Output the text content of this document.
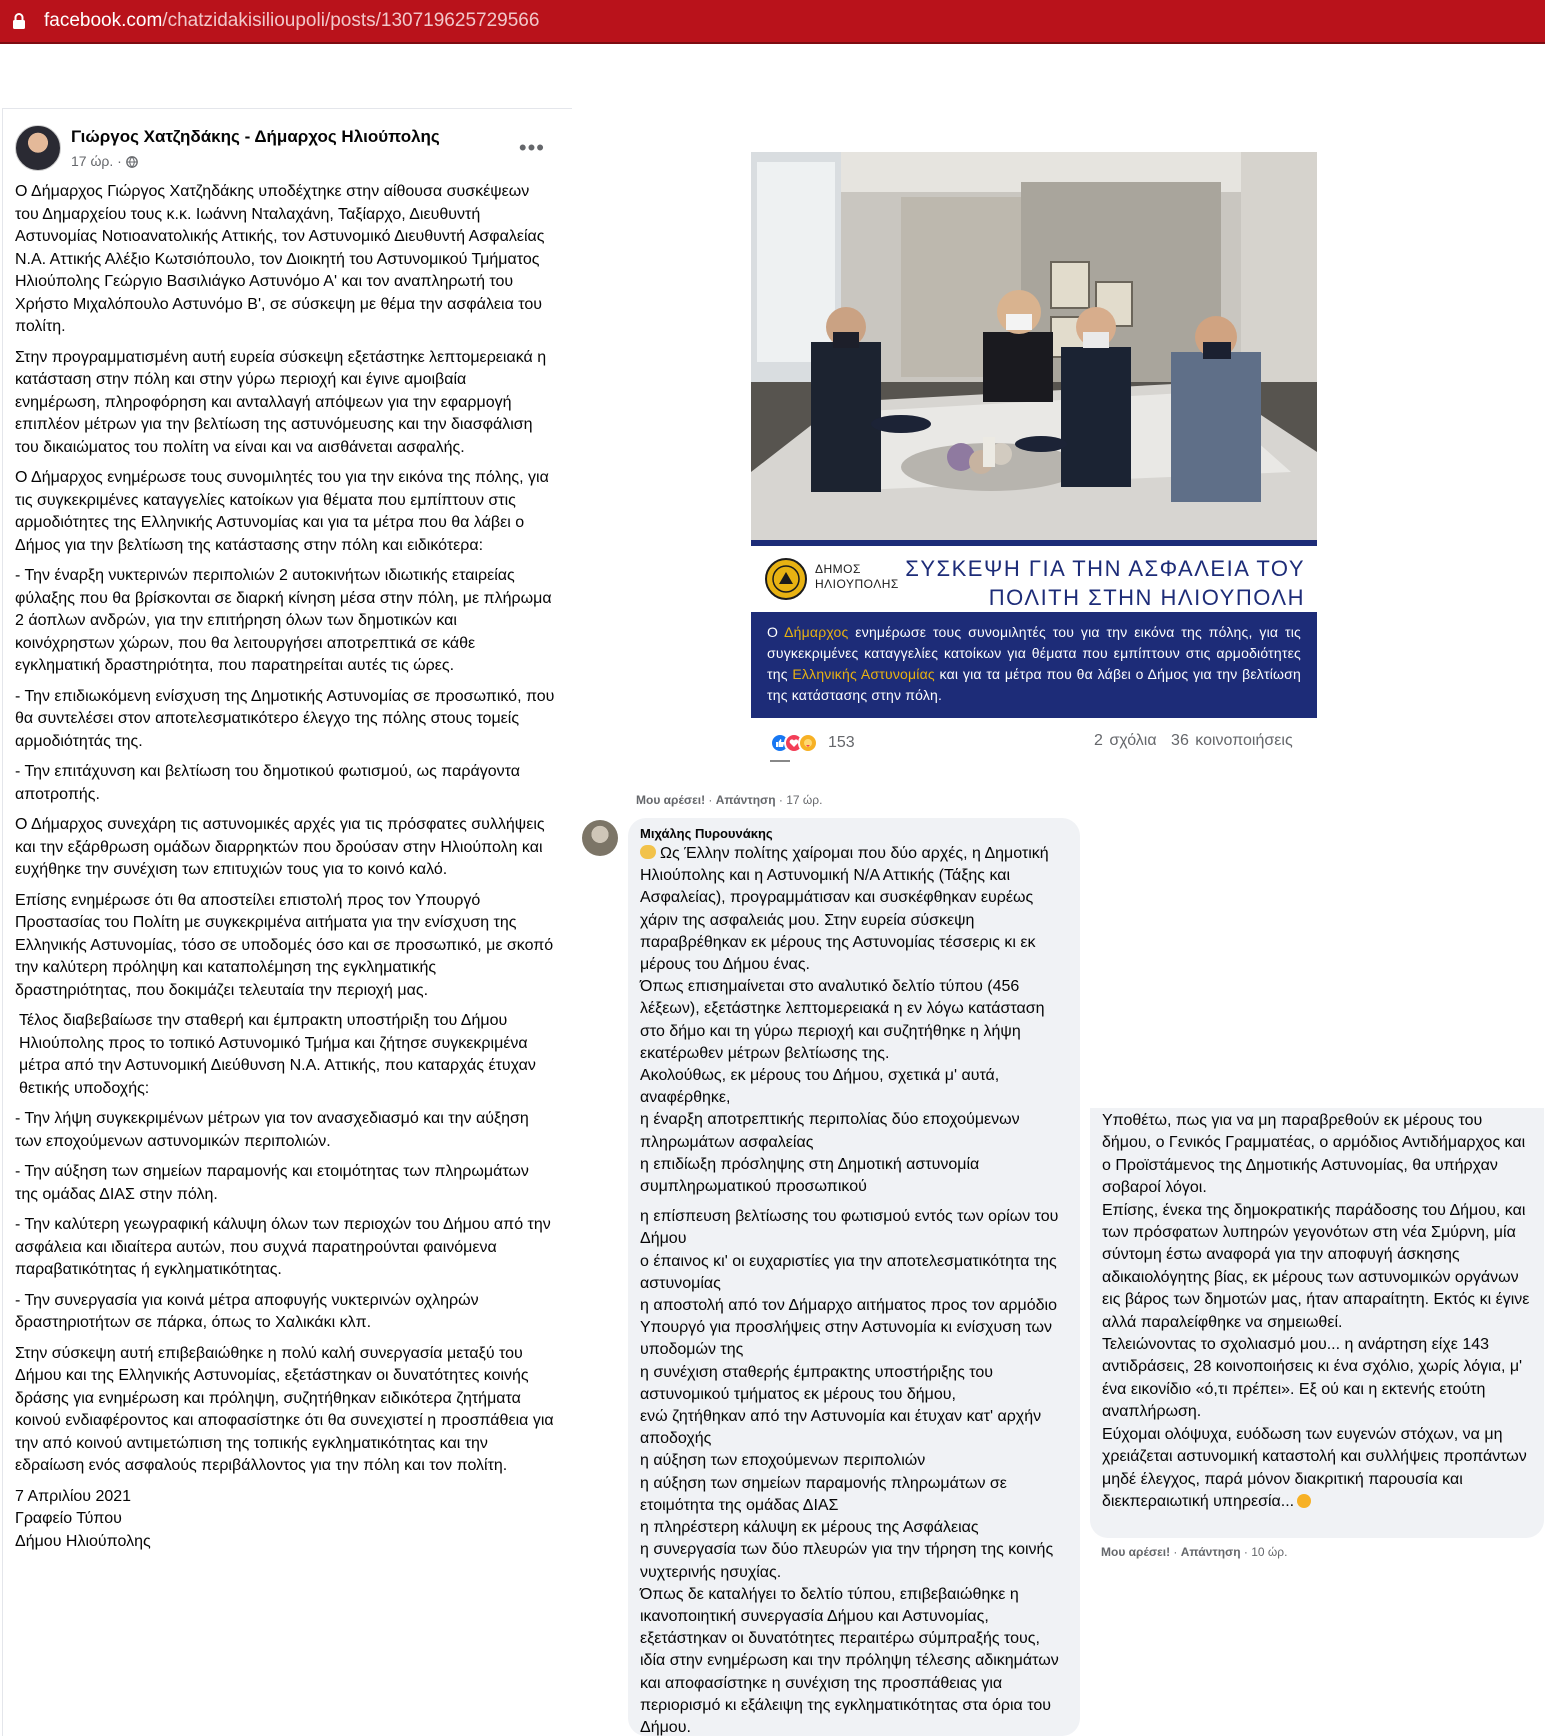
facebook.com/chatzidakisilioupoli/posts/130719625729566
Γιώργος Χατζηδάκης - Δήμαρχος Ηλιούπολης
17 ώρ. ·
•••

Ο Δήμαρχος Γιώργος Χατζηδάκης υποδέχτηκε στην αίθουσα συσκέψεων του Δημαρχείου τους κ.κ. Ιωάννη Νταλαχάνη, Ταξίαρχο, Διευθυντή Αστυνομίας Νοτιοανατολικής Αττικής, τον Αστυνομικό Διευθυντή Ασφαλείας Ν.Α. Αττικής Αλέξιο Κωτσιόπουλο, τον Διοικητή του Αστυνομικού Τμήματος Ηλιούπολης Γεώργιο Βασιλιάγκο Αστυνόμο Α' και τον αναπληρωτή του Χρήστο Μιχαλόπουλο Αστυνόμο Β', σε σύσκεψη με θέμα την ασφάλεια του πολίτη.

Στην προγραμματισμένη αυτή ευρεία σύσκεψη εξετάστηκε λεπτομερειακά η κατάσταση στην πόλη και στην γύρω περιοχή και έγινε αμοιβαία ενημέρωση, πληροφόρηση και ανταλλαγή απόψεων για την εφαρμογή επιπλέον μέτρων για την βελτίωση της αστυνόμευσης και την διασφάλιση του δικαιώματος του πολίτη να είναι και να αισθάνεται ασφαλής.

Ο Δήμαρχος ενημέρωσε τους συνομιλητές του για την εικόνα της πόλης, για τις συγκεκριμένες καταγγελίες κατοίκων για θέματα που εμπίπτουν στις αρμοδιότητες της Ελληνικής Αστυνομίας και για τα μέτρα που θα λάβει ο Δήμος για την βελτίωση της κατάστασης στην πόλη και ειδικότερα:

- Την έναρξη νυκτερινών περιπολιών 2 αυτοκινήτων ιδιωτικής εταιρείας φύλαξης που θα βρίσκονται σε διαρκή κίνηση μέσα στην πόλη, με πλήρωμα 2 άοπλων ανδρών, για την επιτήρηση όλων των δημοτικών και κοινόχρηστων χώρων, που θα λειτουργήσει αποτρεπτικά σε κάθε εγκληματική δραστηριότητα, που παρατηρείται αυτές τις ώρες.

- Την επιδιωκόμενη ενίσχυση της Δημοτικής Αστυνομίας σε προσωπικό, που θα συντελέσει στον αποτελεσματικότερο έλεγχο της πόλης στους τομείς αρμοδιότητάς της.

- Την επιτάχυνση και βελτίωση του δημοτικού φωτισμού, ως παράγοντα αποτροπής.

Ο Δήμαρχος συνεχάρη τις αστυνομικές αρχές για τις πρόσφατες συλλήψεις και την εξάρθρωση ομάδων διαρρηκτών που δρούσαν στην Ηλιούπολη και ευχήθηκε την συνέχιση των επιτυχιών τους για το κοινό καλό.

Επίσης ενημέρωσε ότι θα αποστείλει επιστολή προς τον Υπουργό Προστασίας του Πολίτη με συγκεκριμένα αιτήματα για την ενίσχυση της Ελληνικής Αστυνομίας, τόσο σε υποδομές όσο και σε προσωπικό, με σκοπό την καλύτερη πρόληψη και καταπολέμηση της εγκληματικής δραστηριότητας, που δοκιμάζει τελευταία την περιοχή μας.

Τέλος διαβεβαίωσε την σταθερή και έμπρακτη υποστήριξη του Δήμου Ηλιούπολης προς το τοπικό Αστυνομικό Τμήμα και ζήτησε συγκεκριμένα μέτρα από την Αστυνομική Διεύθυνση Ν.Α. Αττικής, που καταρχάς έτυχαν θετικής υποδοχής:

- Την λήψη συγκεκριμένων μέτρων για τον ανασχεδιασμό και την αύξηση των εποχούμενων αστυνομικών περιπολιών.

- Την αύξηση των σημείων παραμονής και ετοιμότητας των πληρωμάτων της ομάδας ΔΙΑΣ στην πόλη.

- Την καλύτερη γεωγραφική κάλυψη όλων των περιοχών του Δήμου από την ασφάλεια και ιδιαίτερα αυτών, που συχνά παρατηρούνται φαινόμενα παραβατικότητας ή εγκληματικότητας.

- Την συνεργασία για κοινά μέτρα αποφυγής νυκτερινών οχληρών δραστηριοτήτων σε πάρκα, όπως το Χαλικάκι κλπ.

Στην σύσκεψη αυτή επιβεβαιώθηκε η πολύ καλή συνεργασία μεταξύ του Δήμου και της Ελληνικής Αστυνομίας, εξετάστηκαν οι δυνατότητες κοινής δράσης για ενημέρωση και πρόληψη, συζητήθηκαν ειδικότερα ζητήματα κοινού ενδιαφέροντος και αποφασίστηκε ότι θα συνεχιστεί η προσπάθεια για την από κοινού αντιμετώπιση της τοπικής εγκληματικότητας και την εδραίωση ενός ασφαλούς περιβάλλοντος για την πόλη και τον πολίτη.

7 Απριλίου 2021
Γραφείο Τύπου
Δήμου Ηλιούπολης
ΔΗΜΟΣ
ΗΛΙΟΥΠΟΛΗΣ
ΣΥΣΚΕΨΗ ΓΙΑ ΤΗΝ ΑΣΦΑΛΕΙΑ ΤΟΥ
ΠΟΛΙΤΗ ΣΤΗΝ ΗΛΙΟΥΠΟΛΗ

Ο Δήμαρχος ενημέρωσε τους συνομιλητές του για την εικόνα της πόλης, για τις συγκεκριμένες καταγγελίες κατοίκων για θέματα που εμπίπτουν στις αρμοδιότητες της Ελληνικής Αστυνομίας και για τα μέτρα που θα λάβει ο Δήμος για την βελτίωση της κατάστασης στην πόλη.

153	2 σχόλια 36 κοινοποιήσεις
Μου αρέσει! · Απάντηση · 17 ώρ.
Μιχάλης Πυρουνάκης
Ως Έλλην πολίτης χαίρομαι που δύο αρχές, η Δημοτική Ηλιούπολης και η Αστυνομική Ν/Α Αττικής (Τάξης και Ασφαλείας), προγραμμάτισαν και συσκέφθηκαν ευρέως χάριν της ασφαλειάς μου. Στην ευρεία σύσκεψη παραβρέθηκαν εκ μέρους της Αστυνομίας τέσσερις κι εκ μέρους του Δήμου ένας.
Όπως επισημαίνεται στο αναλυτικό δελτίο τύπου (456 λέξεων), εξετάστηκε λεπτομερειακά η εν λόγω κατάσταση στο δήμο και τη γύρω περιοχή και συζητήθηκε η λήψη εκατέρωθεν μέτρων βελτίωσης της.
Ακολούθως, εκ μέρους του Δήμου, σχετικά μ' αυτά, αναφέρθηκε,
η έναρξη αποτρεπτικής περιπολίας δύο εποχούμενων πληρωμάτων ασφαλείας
η επιδίωξη πρόσληψης στη Δημοτική αστυνομία συμπληρωματικού προσωπικού
η επίσπευση βελτίωσης του φωτισμού εντός των ορίων του Δήμου
ο έπαινος κι' οι ευχαριστίες για την αποτελεσματικότητα της αστυνομίας
η αποστολή από τον Δήμαρχο αιτήματος προς τον αρμόδιο Υπουργό για προσλήψεις στην Αστυνομία κι ενίσχυση των υποδομών της
η συνέχιση σταθερής έμπρακτης υποστήριξης του αστυνομικού τμήματος εκ μέρους του δήμου,
ενώ ζητήθηκαν από την Αστυνομία και έτυχαν κατ' αρχήν αποδοχής
η αύξηση των εποχούμενων περιπολιών
η αύξηση των σημείων παραμονής πληρωμάτων σε ετοιμότητα της ομάδας ΔΙΑΣ
η πληρέστερη κάλυψη εκ μέρους της Ασφάλειας
η συνεργασία των δύο πλευρών για την τήρηση της κοινής νυχτερινής ησυχίας.
Όπως δε καταλήγει το δελτίο τύπου, επιβεβαιώθηκε η ικανοποιητική συνεργασία Δήμου και Αστυνομίας, εξετάστηκαν οι δυνατότητες περαιτέρω σύμπραξής τους, ιδία στην ενημέρωση και την πρόληψη τέλεσης αδικημάτων και αποφασίστηκε η συνέχιση της προσπάθειας για περιορισμό κι εξάλειψη της εγκληματικότητας στα όρια του Δήμου.
Υποθέτω, πως για να μη παραβρεθούν εκ μέρους του δήμου, ο Γενικός Γραμματέας, ο αρμόδιος Αντιδήμαρχος και ο Προϊστάμενος της Δημοτικής Αστυνομίας, θα υπήρχαν σοβαροί λόγοι.
Επίσης, ένεκα της δημοκρατικής παράδοσης του Δήμου, και των πρόσφατων λυπηρών γεγονότων στη νέα Σμύρνη, μία σύντομη έστω αναφορά για την αποφυγή άσκησης αδικαιολόγητης βίας, εκ μέρους των αστυνομικών οργάνων εις βάρος των δημοτών μας, ήταν απαραίτητη. Εκτός κι έγινε αλλά παραλείφθηκε να σημειωθεί.
Τελειώνοντας το σχολιασμό μου... η ανάρτηση είχε 143 αντιδράσεις, 28 κοινοποιήσεις κι ένα σχόλιο, χωρίς λόγια, μ' ένα εικονίδιο «ό,τι πρέπει». Εξ ού και η εκτενής ετούτη αναπλήρωση.
Εύχομαι ολόψυχα, ευόδωση των ευγενών στόχων, να μη χρειάζεται αστυνομική καταστολή και συλλήψεις προπάντων μηδέ έλεγχος, παρά μόνον διακριτική παρουσία και διεκπεραιωτική υπηρεσία...
Μου αρέσει! · Απάντηση · 10 ώρ.
